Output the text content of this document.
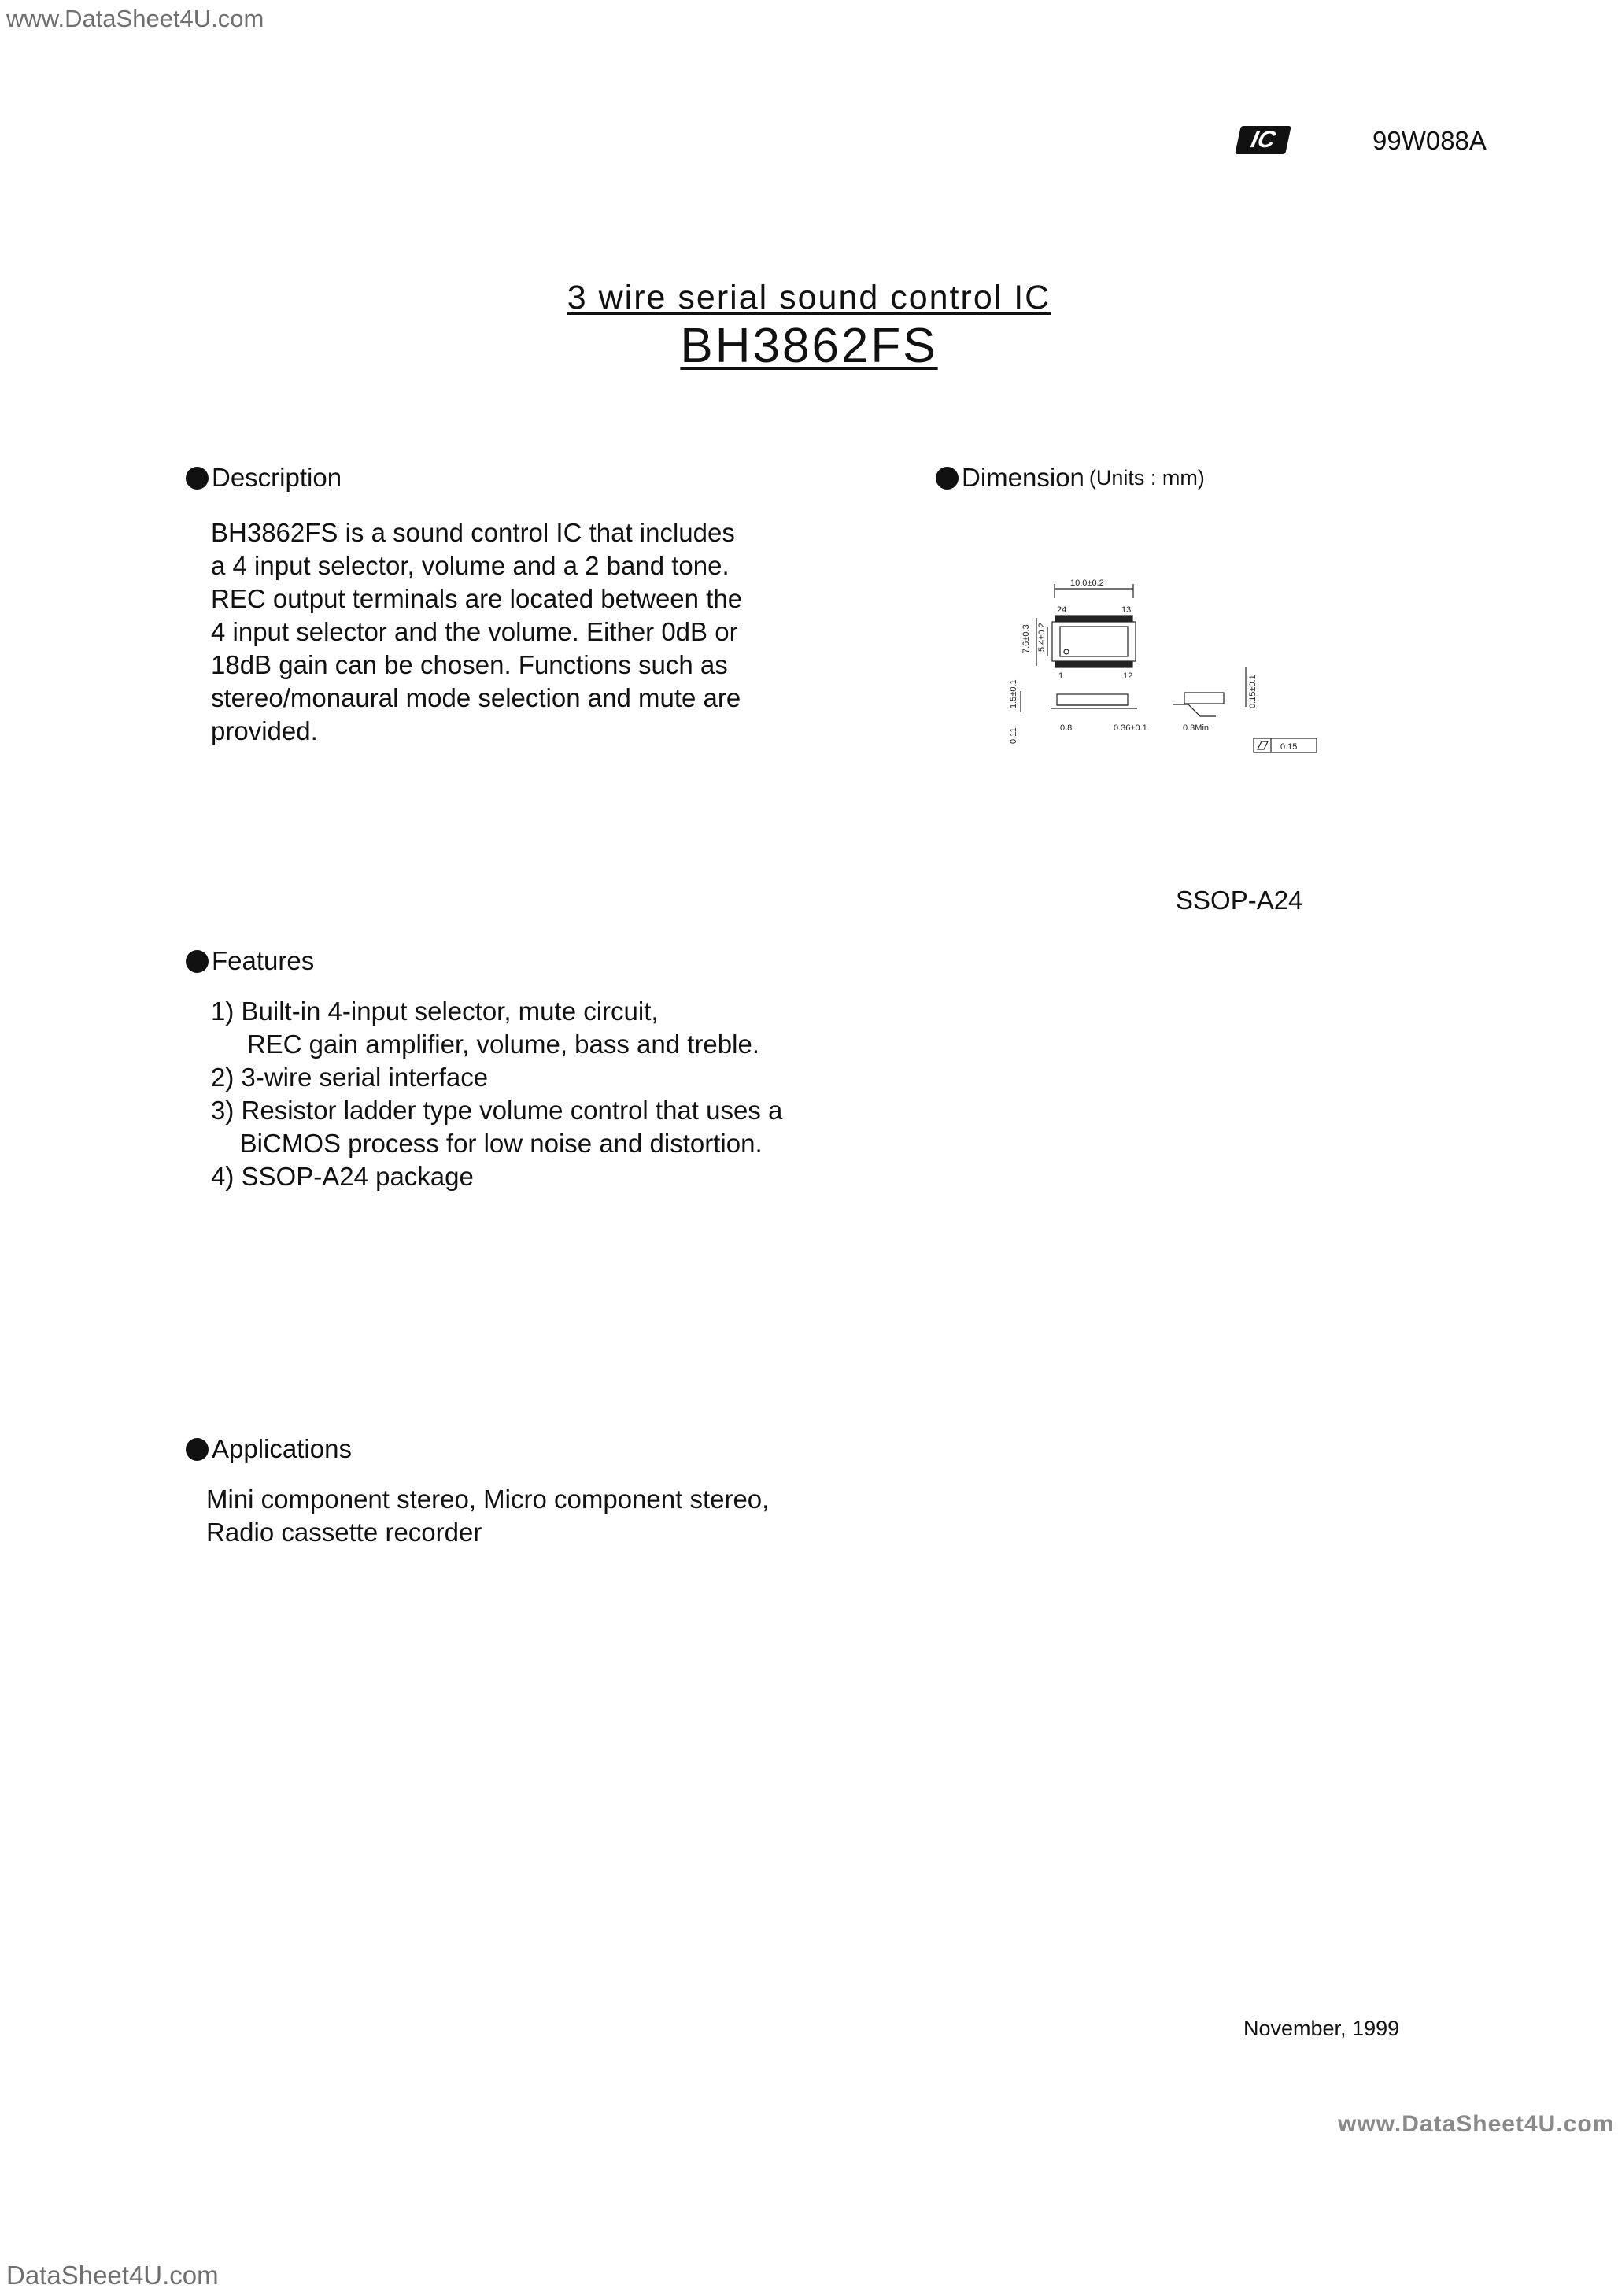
www.DataSheet4U.com
IC	99W088A
3 wire serial sound control IC
BH3862FS
Description
BH3862FS is a sound control IC that includes
a 4 input selector, volume and a 2 band tone.
REC output terminals are located between the
4 input selector and the volume. Either 0dB or
18dB gain can be chosen. Functions such as
stereo/monaural mode selection and mute are
provided.
Dimension (Units : mm)
10.0±0.2
24	13
1	12
7.6±0.3 5.4±0.2
1.5±0.1
0.11	0.8	0.36±0.1	0.3Min.
0.15±0.1
0.15
SSOP-A24
Features
1) Built-in 4-input selector, mute circuit,
REC gain amplifier, volume, bass and treble.
2) 3-wire serial interface
3) Resistor ladder type volume control that uses a
BiCMOS process for low noise and distortion.
4) SSOP-A24 package
Applications
Mini component stereo, Micro component stereo,
Radio cassette recorder
November, 1999
www.DataSheet4U.com
DataSheet4U.com
